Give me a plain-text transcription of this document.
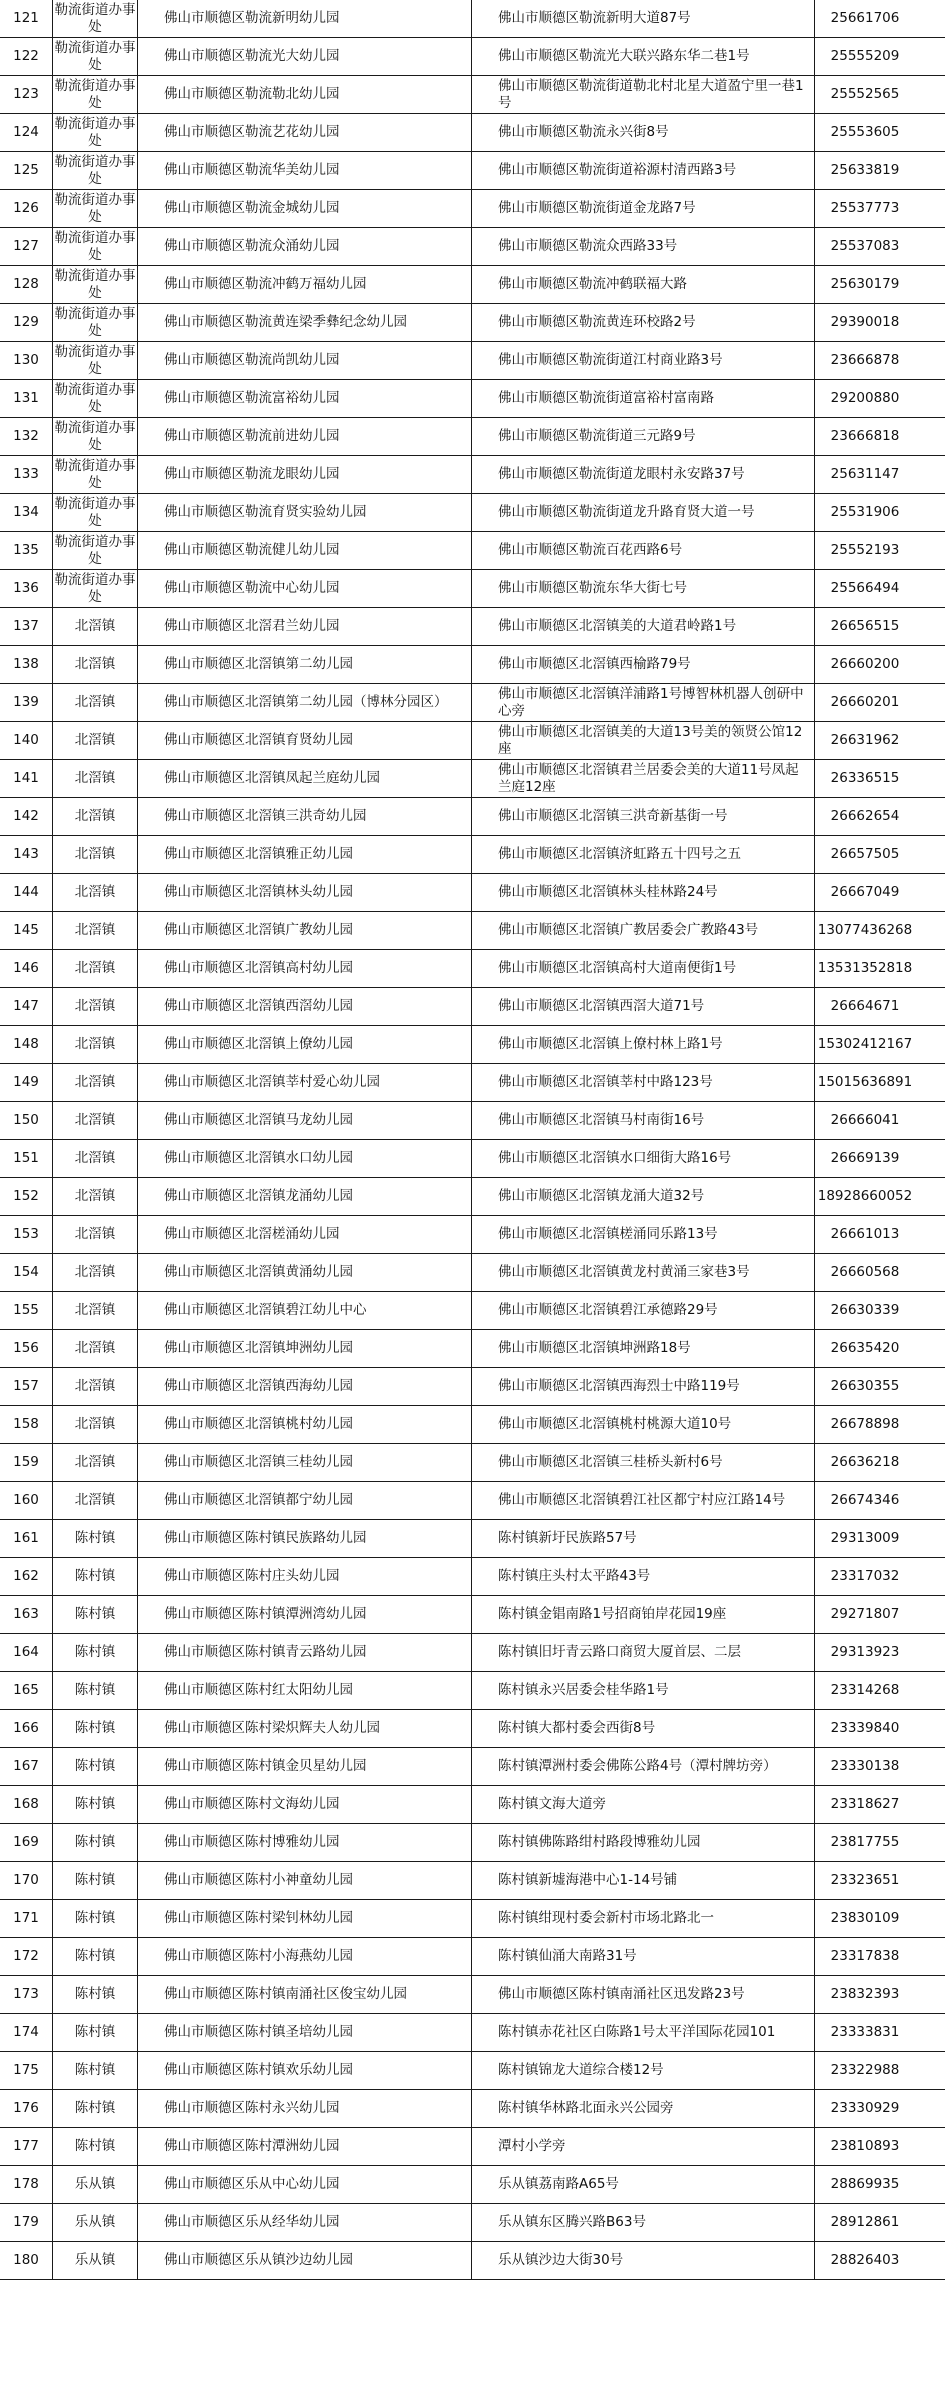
121	勒流街道办事处	佛山市顺德区勒流新明幼儿园	佛山市顺德区勒流新明大道87号	25661706
122	勒流街道办事处	佛山市顺德区勒流光大幼儿园	佛山市顺德区勒流光大联兴路东华二巷1号	25555209
123	勒流街道办事处	佛山市顺德区勒流勒北幼儿园	佛山市顺德区勒流街道勒北村北星大道盈宁里一巷1号	25552565
124	勒流街道办事处	佛山市顺德区勒流艺花幼儿园	佛山市顺德区勒流永兴街8号	25553605
125	勒流街道办事处	佛山市顺德区勒流华美幼儿园	佛山市顺德区勒流街道裕源村清西路3号	25633819
126	勒流街道办事处	佛山市顺德区勒流金城幼儿园	佛山市顺德区勒流街道金龙路7号	25537773
127	勒流街道办事处	佛山市顺德区勒流众涌幼儿园	佛山市顺德区勒流众西路33号	25537083
128	勒流街道办事处	佛山市顺德区勒流冲鹤万福幼儿园	佛山市顺德区勒流冲鹤联福大路	25630179
129	勒流街道办事处	佛山市顺德区勒流黄连梁季彝纪念幼儿园	佛山市顺德区勒流黄连环校路2号	29390018
130	勒流街道办事处	佛山市顺德区勒流尚凯幼儿园	佛山市顺德区勒流街道江村商业路3号	23666878
131	勒流街道办事处	佛山市顺德区勒流富裕幼儿园	佛山市顺德区勒流街道富裕村富南路	29200880
132	勒流街道办事处	佛山市顺德区勒流前进幼儿园	佛山市顺德区勒流街道三元路9号	23666818
133	勒流街道办事处	佛山市顺德区勒流龙眼幼儿园	佛山市顺德区勒流街道龙眼村永安路37号	25631147
134	勒流街道办事处	佛山市顺德区勒流育贤实验幼儿园	佛山市顺德区勒流街道龙升路育贤大道一号	25531906
135	勒流街道办事处	佛山市顺德区勒流健儿幼儿园	佛山市顺德区勒流百花西路6号	25552193
136	勒流街道办事处	佛山市顺德区勒流中心幼儿园	佛山市顺德区勒流东华大街七号	25566494
137	北滘镇	佛山市顺德区北滘君兰幼儿园	佛山市顺德区北滘镇美的大道君岭路1号	26656515
138	北滘镇	佛山市顺德区北滘镇第二幼儿园	佛山市顺德区北滘镇西榆路79号	26660200
139	北滘镇	佛山市顺德区北滘镇第二幼儿园（博林分园区）	佛山市顺德区北滘镇洋浦路1号博智林机器人创研中心旁	26660201
140	北滘镇	佛山市顺德区北滘镇育贤幼儿园	佛山市顺德区北滘镇美的大道13号美的领贤公馆12座	26631962
141	北滘镇	佛山市顺德区北滘镇凤起兰庭幼儿园	佛山市顺德区北滘镇君兰居委会美的大道11号凤起兰庭12座	26336515
142	北滘镇	佛山市顺德区北滘镇三洪奇幼儿园	佛山市顺德区北滘镇三洪奇新基街一号	26662654
143	北滘镇	佛山市顺德区北滘镇雅正幼儿园	佛山市顺德区北滘镇济虹路五十四号之五	26657505
144	北滘镇	佛山市顺德区北滘镇林头幼儿园	佛山市顺德区北滘镇林头桂林路24号	26667049
145	北滘镇	佛山市顺德区北滘镇广教幼儿园	佛山市顺德区北滘镇广教居委会广教路43号	13077436268
146	北滘镇	佛山市顺德区北滘镇高村幼儿园	佛山市顺德区北滘镇高村大道南便街1号	13531352818
147	北滘镇	佛山市顺德区北滘镇西滘幼儿园	佛山市顺德区北滘镇西滘大道71号	26664671
148	北滘镇	佛山市顺德区北滘镇上僚幼儿园	佛山市顺德区北滘镇上僚村林上路1号	15302412167
149	北滘镇	佛山市顺德区北滘镇莘村爱心幼儿园	佛山市顺德区北滘镇莘村中路123号	15015636891
150	北滘镇	佛山市顺德区北滘镇马龙幼儿园	佛山市顺德区北滘镇马村南街16号	26666041
151	北滘镇	佛山市顺德区北滘镇水口幼儿园	佛山市顺德区北滘镇水口细街大路16号	26669139
152	北滘镇	佛山市顺德区北滘镇龙涌幼儿园	佛山市顺德区北滘镇龙涌大道32号	18928660052
153	北滘镇	佛山市顺德区北滘槎涌幼儿园	佛山市顺德区北滘镇槎涌同乐路13号	26661013
154	北滘镇	佛山市顺德区北滘镇黄涌幼儿园	佛山市顺德区北滘镇黄龙村黄涌三家巷3号	26660568
155	北滘镇	佛山市顺德区北滘镇碧江幼儿中心	佛山市顺德区北滘镇碧江承德路29号	26630339
156	北滘镇	佛山市顺德区北滘镇坤洲幼儿园	佛山市顺德区北滘镇坤洲路18号	26635420
157	北滘镇	佛山市顺德区北滘镇西海幼儿园	佛山市顺德区北滘镇西海烈士中路119号	26630355
158	北滘镇	佛山市顺德区北滘镇桃村幼儿园	佛山市顺德区北滘镇桃村桃源大道10号	26678898
159	北滘镇	佛山市顺德区北滘镇三桂幼儿园	佛山市顺德区北滘镇三桂桥头新村6号	26636218
160	北滘镇	佛山市顺德区北滘镇都宁幼儿园	佛山市顺德区北滘镇碧江社区都宁村应江路14号	26674346
161	陈村镇	佛山市顺德区陈村镇民族路幼儿园	陈村镇新圩民族路57号	29313009
162	陈村镇	佛山市顺德区陈村庄头幼儿园	陈村镇庄头村太平路43号	23317032
163	陈村镇	佛山市顺德区陈村镇潭洲湾幼儿园	陈村镇金锠南路1号招商铂岸花园19座	29271807
164	陈村镇	佛山市顺德区陈村镇青云路幼儿园	陈村镇旧圩青云路口商贸大厦首层、二层	29313923
165	陈村镇	佛山市顺德区陈村红太阳幼儿园	陈村镇永兴居委会桂华路1号	23314268
166	陈村镇	佛山市顺德区陈村梁炽辉夫人幼儿园	陈村镇大都村委会西街8号	23339840
167	陈村镇	佛山市顺德区陈村镇金贝星幼儿园	陈村镇潭洲村委会佛陈公路4号（潭村牌坊旁）	23330138
168	陈村镇	佛山市顺德区陈村文海幼儿园	陈村镇文海大道旁	23318627
169	陈村镇	佛山市顺德区陈村博雅幼儿园	陈村镇佛陈路绀村路段博雅幼儿园	23817755
170	陈村镇	佛山市顺德区陈村小神童幼儿园	陈村镇新墟海港中心1-14号铺	23323651
171	陈村镇	佛山市顺德区陈村梁钊林幼儿园	陈村镇绀现村委会新村市场北路北一	23830109
172	陈村镇	佛山市顺德区陈村小海燕幼儿园	陈村镇仙涌大南路31号	23317838
173	陈村镇	佛山市顺德区陈村镇南涌社区俊宝幼儿园	佛山市顺德区陈村镇南涌社区迅发路23号	23832393
174	陈村镇	佛山市顺德区陈村镇圣培幼儿园	陈村镇赤花社区白陈路1号太平洋国际花园101	23333831
175	陈村镇	佛山市顺德区陈村镇欢乐幼儿园	陈村镇锦龙大道综合楼12号	23322988
176	陈村镇	佛山市顺德区陈村永兴幼儿园	陈村镇华林路北面永兴公园旁	23330929
177	陈村镇	佛山市顺德区陈村潭洲幼儿园	潭村小学旁	23810893
178	乐从镇	佛山市顺德区乐从中心幼儿园	乐从镇荔南路A65号	28869935
179	乐从镇	佛山市顺德区乐从经华幼儿园	乐从镇东区腾兴路B63号	28912861
180	乐从镇	佛山市顺德区乐从镇沙边幼儿园	乐从镇沙边大街30号	28826403
